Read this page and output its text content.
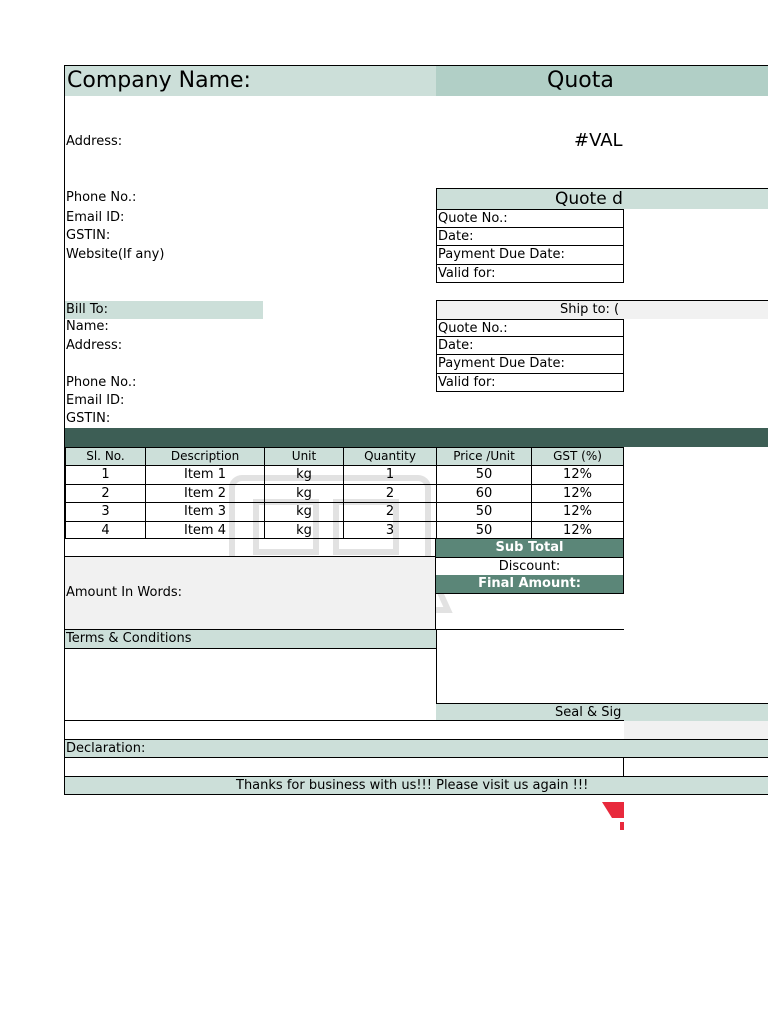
Company Name:	Quota
Address:	#VAL
Phone No.:
Email ID:
GSTIN:
Website(If any)
Quote d
Quote No.:
Date:
Payment Due Date:
Valid for:
Bill To:
Name:
Address:
Phone No.:
Email ID:
GSTIN:
Ship to: (
Quote No.:
Date:
Payment Due Date:
Valid for:
Sl. No.	Description	Unit	Quantity	Price /Unit	GST (%)
1	Item 1	kg	1	50	12%
2	Item 2	kg	2	60	12%
3	Item 3	kg	2	50	12%
4	Item 4	kg	3	50	12%
Sub Total
Amount In Words:
Discount:
Final Amount:
Terms & Conditions
Seal & Sig
Declaration:
Thanks for business with us!!! Please visit us again !!!
